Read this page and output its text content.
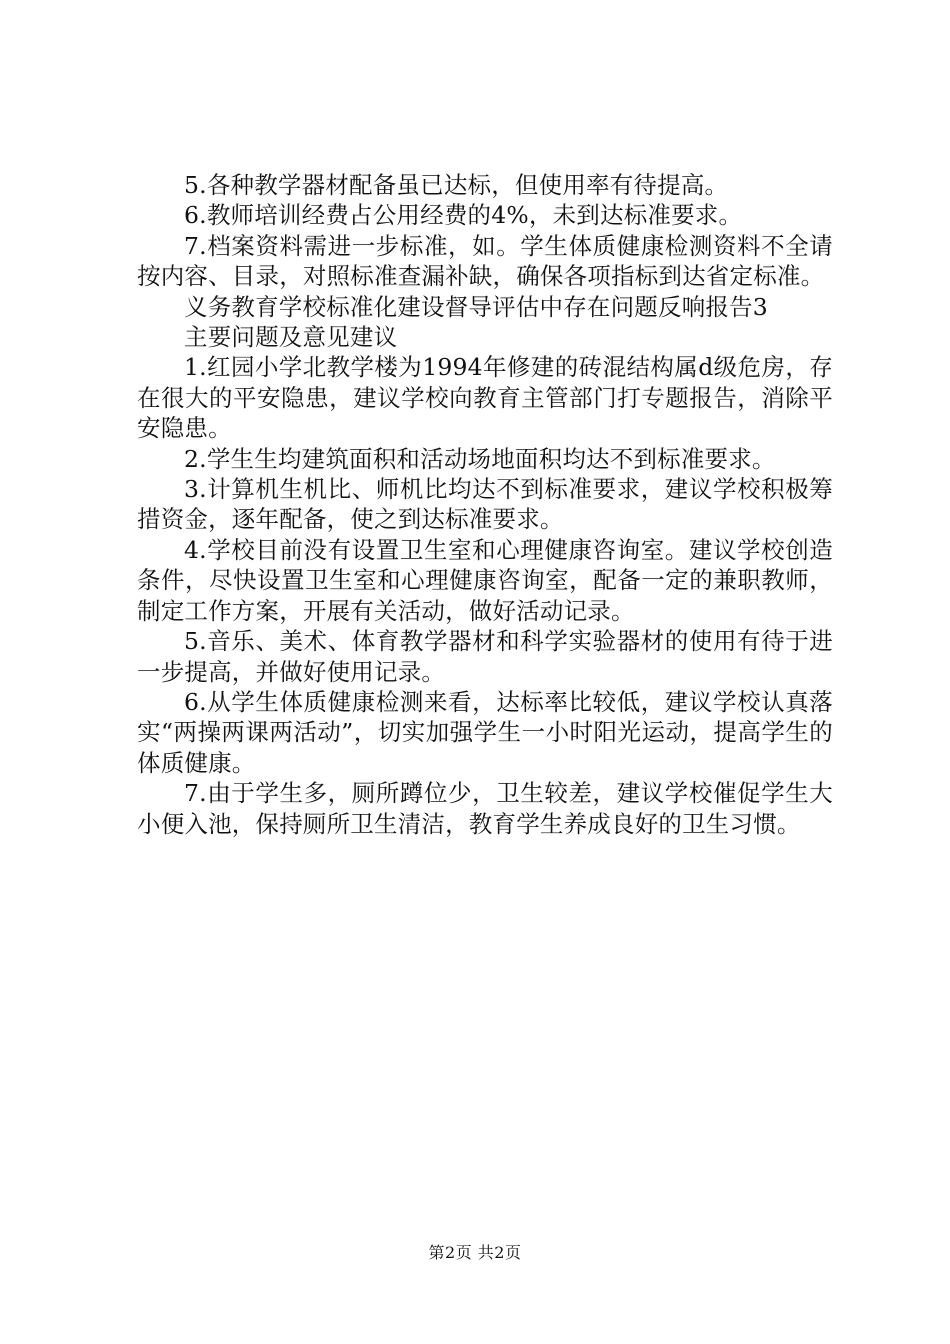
5.各种教学器材配备虽已达标，但使用率有待提高。

6.教师培训经费占公用经费的4%，未到达标准要求。

7.档案资料需进一步标准，如。学生体质健康检测资料不全请按内容、目录，对照标准查漏补缺，确保各项指标到达省定标准。

义务教育学校标准化建设督导评估中存在问题反响报告3

主要问题及意见建议

1.红园小学北教学楼为1994年修建的砖混结构属d级危房，存在很大的平安隐患，建议学校向教育主管部门打专题报告，消除平安隐患。

2.学生生均建筑面积和活动场地面积均达不到标准要求。

3.计算机生机比、师机比均达不到标准要求，建议学校积极筹措资金，逐年配备，使之到达标准要求。

4.学校目前没有设置卫生室和心理健康咨询室。建议学校创造条件，尽快设置卫生室和心理健康咨询室，配备一定的兼职教师，制定工作方案，开展有关活动，做好活动记录。

5.音乐、美术、体育教学器材和科学实验器材的使用有待于进一步提高，并做好使用记录。

6.从学生体质健康检测来看，达标率比较低，建议学校认真落实“两操两课两活动”，切实加强学生一小时阳光运动，提高学生的体质健康。

7.由于学生多，厕所蹲位少，卫生较差，建议学校催促学生大小便入池，保持厕所卫生清洁，教育学生养成良好的卫生习惯。

第2页 共2页
